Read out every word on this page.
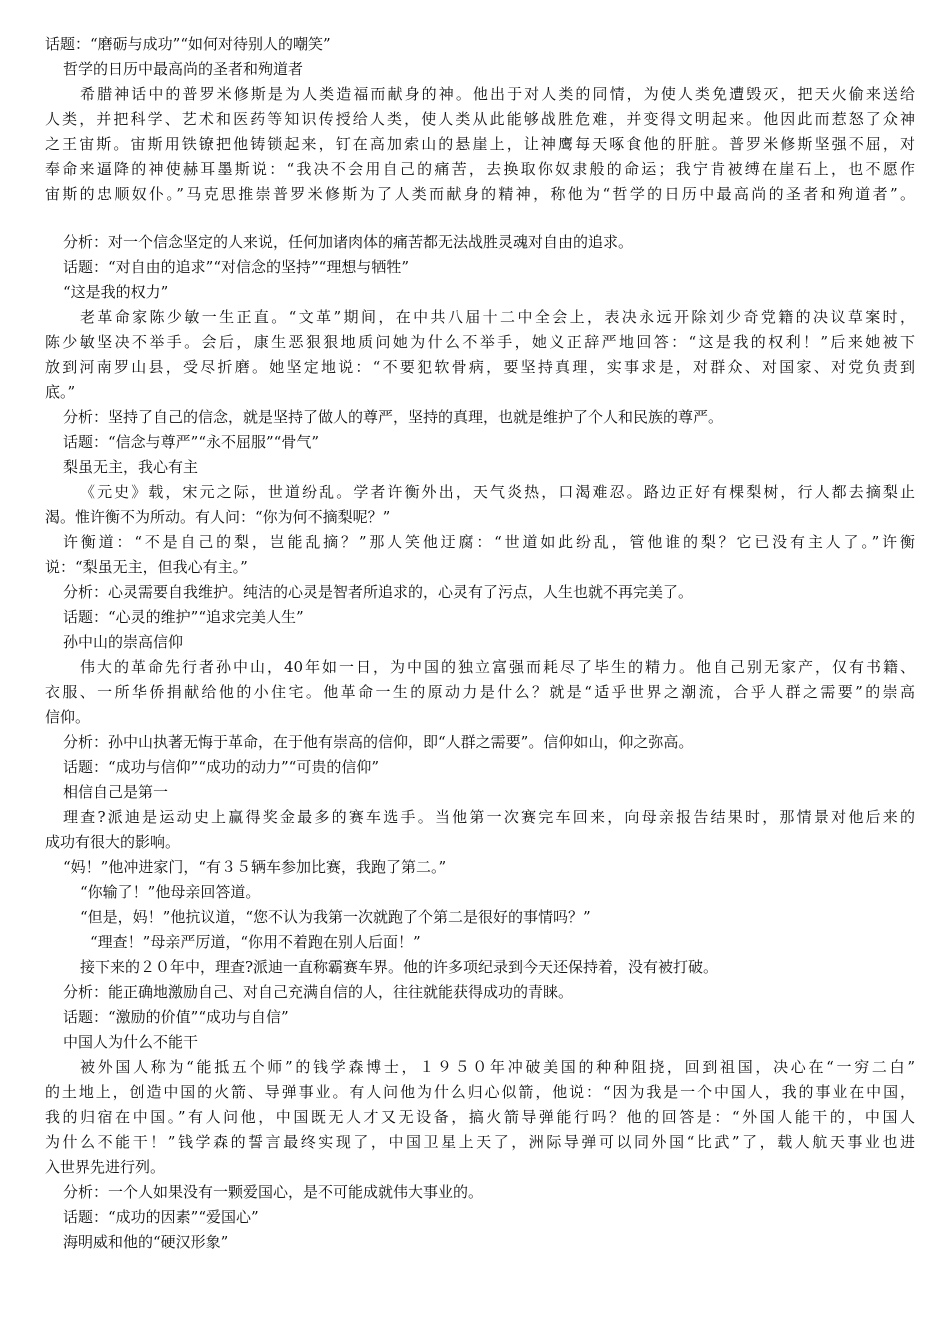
话题：“磨砺与成功”“如何对待别人的嘲笑”
哲学的日历中最高尚的圣者和殉道者
希腊神话中的普罗米修斯是为人类造福而献身的神。他出于对人类的同情，为使人类免遭毁灭，把天火偷来送给
人类，并把科学、艺术和医药等知识传授给人类，使人类从此能够战胜危难，并变得文明起来。他因此而惹怒了众神
之王宙斯。宙斯用铁镣把他铸锁起来，钉在高加索山的悬崖上，让神鹰每天啄食他的肝脏。普罗米修斯坚强不屈，对
奉命来逼降的神使赫耳墨斯说：“我决不会用自己的痛苦，去换取你奴隶般的命运；我宁肯被缚在崖石上，也不愿作
宙斯的忠顺奴仆。”马克思推崇普罗米修斯为了人类而献身的精神，称他为“哲学的日历中最高尚的圣者和殉道者”。
分析：对一个信念坚定的人来说，任何加诸肉体的痛苦都无法战胜灵魂对自由的追求。
话题：“对自由的追求”“对信念的坚持”“理想与牺牲”
“这是我的权力”
老革命家陈少敏一生正直。“文革”期间，在中共八届十二中全会上，表决永远开除刘少奇党籍的决议草案时，
陈少敏坚决不举手。会后，康生恶狠狠地质问她为什么不举手，她义正辞严地回答：“这是我的权利！”后来她被下
放到河南罗山县，受尽折磨。她坚定地说：“不要犯软骨病，要坚持真理，实事求是，对群众、对国家、对党负责到
底。”
分析：坚持了自己的信念，就是坚持了做人的尊严，坚持的真理，也就是维护了个人和民族的尊严。
话题：“信念与尊严”“永不屈服”“骨气”
梨虽无主，我心有主
《元史》载，宋元之际，世道纷乱。学者许衡外出，天气炎热，口渴难忍。路边正好有棵梨树，行人都去摘梨止
渴。惟许衡不为所动。有人问：“你为何不摘梨呢？”
许衡道：“不是自己的梨，岂能乱摘？”那人笑他迂腐：“世道如此纷乱，管他谁的梨？它已没有主人了。”许衡
说：“梨虽无主，但我心有主。”
分析：心灵需要自我维护。纯洁的心灵是智者所追求的，心灵有了污点，人生也就不再完美了。
话题：“心灵的维护”“追求完美人生”
孙中山的崇高信仰
伟大的革命先行者孙中山，40年如一日，为中国的独立富强而耗尽了毕生的精力。他自己别无家产，仅有书籍、
衣服、一所华侨捐献给他的小住宅。他革命一生的原动力是什么？就是“适乎世界之潮流，合乎人群之需要”的崇高
信仰。
分析：孙中山执著无悔于革命，在于他有崇高的信仰，即“人群之需要”。信仰如山，仰之弥高。
话题：“成功与信仰”“成功的动力”“可贵的信仰”
相信自己是第一
理查?派迪是运动史上赢得奖金最多的赛车选手。当他第一次赛完车回来，向母亲报告结果时，那情景对他后来的
成功有很大的影响。
“妈！”他冲进家门，“有３５辆车参加比赛，我跑了第二。”
“你输了！”他母亲回答道。
“但是，妈！”他抗议道，“您不认为我第一次就跑了个第二是很好的事情吗？”
“理查！”母亲严厉道，“你用不着跑在别人后面！”
接下来的２０年中，理查?派迪一直称霸赛车界。他的许多项纪录到今天还保持着，没有被打破。
分析：能正确地激励自己、对自己充满自信的人，往往就能获得成功的青睐。
话题：“激励的价值”“成功与自信”
中国人为什么不能干
被外国人称为“能抵五个师”的钱学森博士，１９５０年冲破美国的种种阻挠，回到祖国，决心在“一穷二白”
的土地上，创造中国的火箭、导弹事业。有人问他为什么归心似箭，他说：“因为我是一个中国人，我的事业在中国，
我的归宿在中国。”有人问他，中国既无人才又无设备，搞火箭导弹能行吗？他的回答是：“外国人能干的，中国人
为什么不能干！”钱学森的誓言最终实现了，中国卫星上天了，洲际导弹可以同外国“比武”了，载人航天事业也进
入世界先进行列。
分析：一个人如果没有一颗爱国心，是不可能成就伟大事业的。
话题：“成功的因素”“爱国心”
海明威和他的“硬汉形象”
